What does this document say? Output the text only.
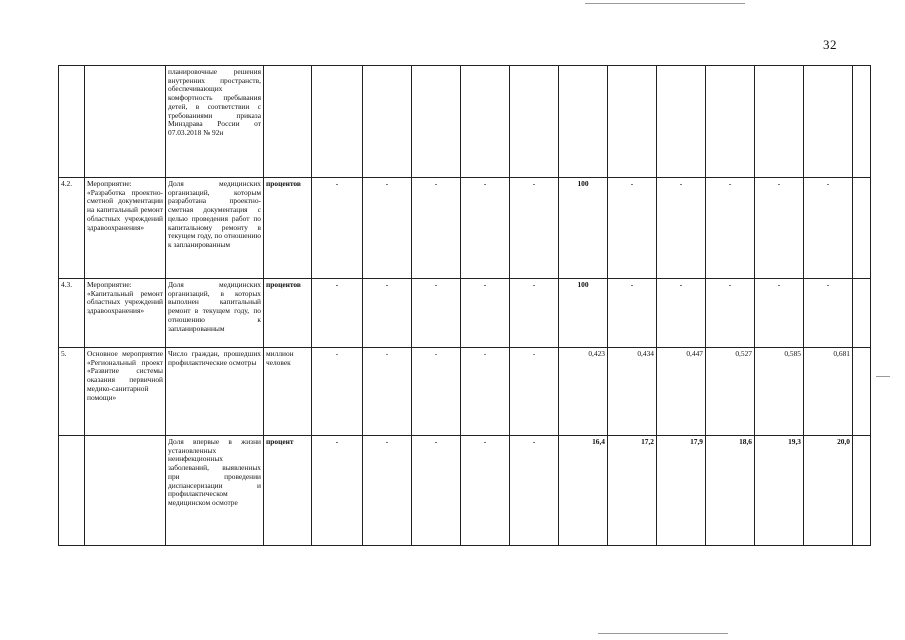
32
		планировочные решения внутренних пространств, обеспечивающих комфортность пребывания детей, в соответствии с требованиями приказа Минздрава России от 07.03.2018 № 92н													
4.2.	Мероприятие: «Разработка проектно-сметной документации на капитальный ремонт областных учреждений здравоохранения»	Доля медицинских организаций, которым разработана проектно-сметная документация с целью проведения работ по капитальному ремонту в текущем году, по отношению к запланированным	процентов	-	-	-	-	-	100	-	-	-	-	-	
4.3.	Мероприятие: «Капитальный ремонт областных учреждений здравоохранения»	Доля медицинских организаций, в которых выполнен капитальный ремонт в текущем году, по отношению к запланированным	процентов	-	-	-	-	-	100	-	-	-	-	-	
5.	Основное мероприятие «Региональный проект «Развитие системы оказания первичной медико-санитарной помощи»	Число граждан, прошедших профилактические осмотры	миллион человек	-	-	-	-	-	0,423	0,434	0,447	0,527	0,585	0,681	
		Доля впервые в жизни установленных неинфекционных заболеваний, выявленных при проведении диспансеризации и профилактическом медицинском осмотре	процент	-	-	-	-	-	16,4	17,2	17,9	18,6	19,3	20,0	
